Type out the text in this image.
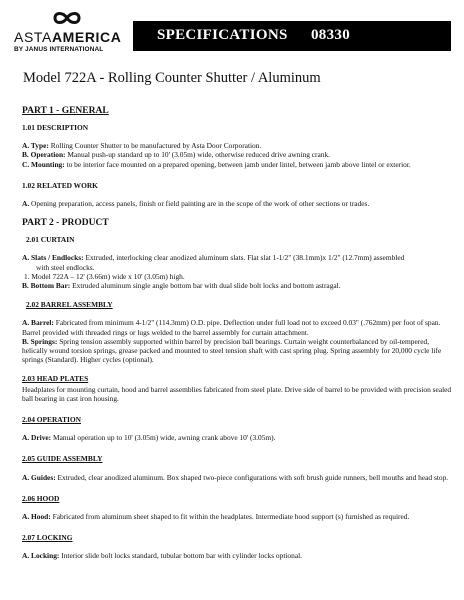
ASTAAMERICA
BY JANUS INTERNATIONAL
SPECIFICATIONS 08330
Model 722A - Rolling Counter Shutter / Aluminum
PART 1 - GENERAL
1.01 DESCRIPTION
A. Type: Rolling Counter Shutter to be manufactured by Asta Door Corporation.
B. Operation: Manual push-up standard up to 10' (3.05m) wide, otherwise reduced drive awning crank.
C. Mounting: to be interior face mounted on a prepared opening, between jamb under lintel, between jamb above lintel or exterior.
1.02 RELATED WORK
A. Opening preparation, access panels, finish or field painting are in the scope of the work of other sections or trades.
PART 2 - PRODUCT
2.01 CURTAIN
A. Slats / Endlocks: Extruded, interlocking clear anodized aluminum slats. Flat slat 1-1/2" (38.1mm)x 1/2" (12.7mm) assembled
with steel endlocks.
1. Model 722A – 12' (3.66m) wide x 10' (3.05m) high.
B. Bottom Bar: Extruded aluminum single angle bottom bar with dual slide bolt locks and bottom astragal.
2.02 BARREL ASSEMBLY
A. Barrel: Fabricated from minimum 4-1/2" (114.3mm) O.D. pipe. Deflection under full load not to exceed 0.03" (.762mm) per foot of span. Barrel provided with threaded rings or lugs welded to the barrel assembly for curtain attachment.
B. Springs: Spring tension assembly supported within barrel by precision ball bearings. Curtain weight counterbalanced by oil-tempered, helically wound torsion springs, grease packed and mounted to steel tension shaft with cast spring plug. Spring assembly for 20,000 cycle life springs (Standard). Higher cycles (optional).
2.03 HEAD PLATES
Headplates for mounting curtain, hood and barrel assemblies fabricated from steel plate. Drive side of barrel to be provided with precision sealed ball bearing in cast iron housing.
2.04 OPERATION
A. Drive: Manual operation up to 10' (3.05m) wide, awning crank above 10' (3.05m).
2.05 GUIDE ASSEMBLY
A. Guides: Extruded, clear anodized aluminum. Box shaped two-piece configurations with soft brush guide runners, bell mouths and head stop.
2.06 HOOD
A. Hood: Fabricated from aluminum sheet shaped to fit within the headplates. Intermediate hood support (s) furnished as required.
2.07 LOCKING
A. Locking: Interior slide bolt locks standard, tubular bottom bar with cylinder locks optional.
